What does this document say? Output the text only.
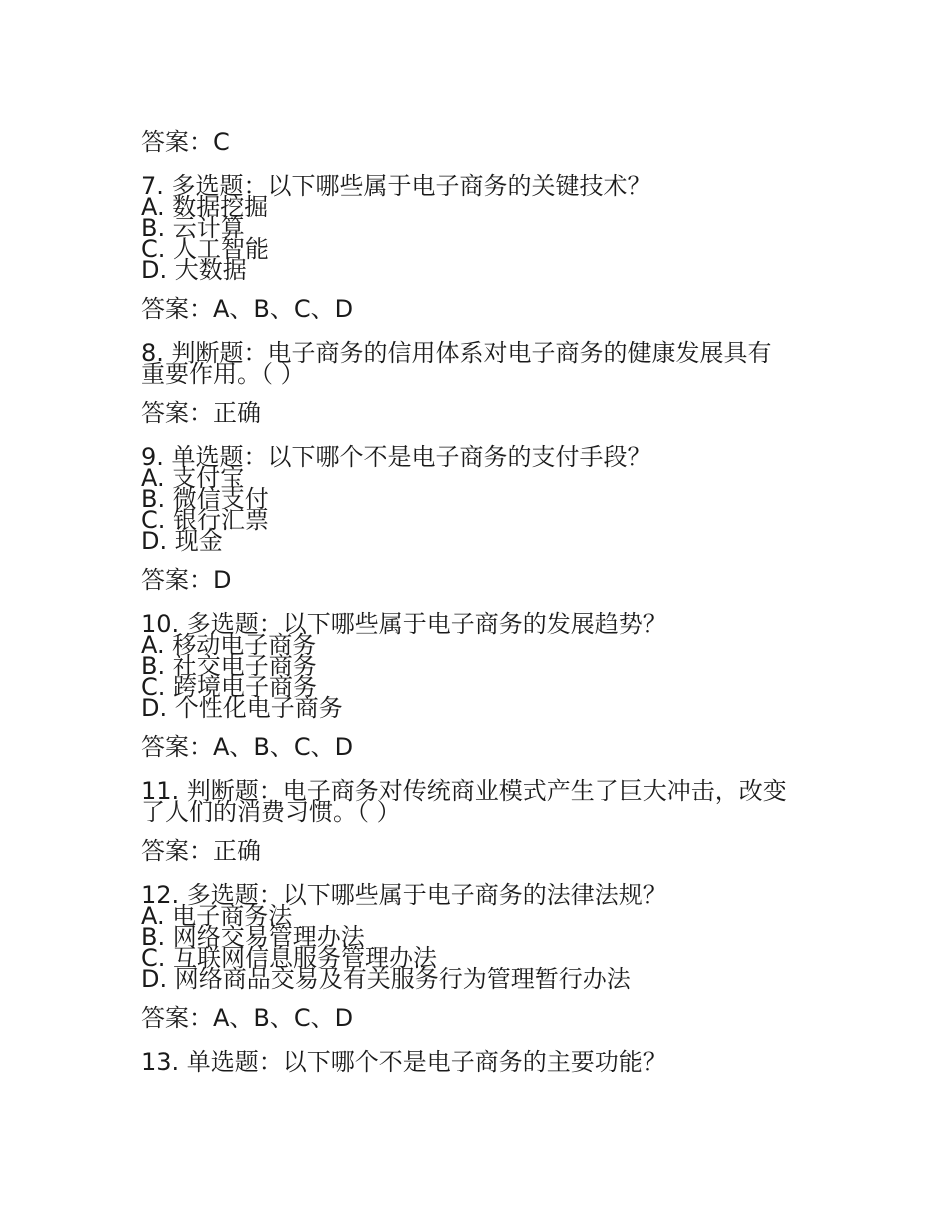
答案：C
7. 多选题：以下哪些属于电子商务的关键技术？
A. 数据挖掘
B. 云计算
C. 人工智能
D. 大数据
答案：A、B、C、D
8. 判断题：电子商务的信用体系对电子商务的健康发展具有
重要作用。（ ）
答案：正确
9. 单选题：以下哪个不是电子商务的支付手段？
A. 支付宝
B. 微信支付
C. 银行汇票
D. 现金
答案：D
10. 多选题：以下哪些属于电子商务的发展趋势？
A. 移动电子商务
B. 社交电子商务
C. 跨境电子商务
D. 个性化电子商务
答案：A、B、C、D
11. 判断题：电子商务对传统商业模式产生了巨大冲击，改变
了人们的消费习惯。（ ）
答案：正确
12. 多选题：以下哪些属于电子商务的法律法规？
A. 电子商务法
B. 网络交易管理办法
C. 互联网信息服务管理办法
D. 网络商品交易及有关服务行为管理暂行办法
答案：A、B、C、D
13. 单选题：以下哪个不是电子商务的主要功能？
